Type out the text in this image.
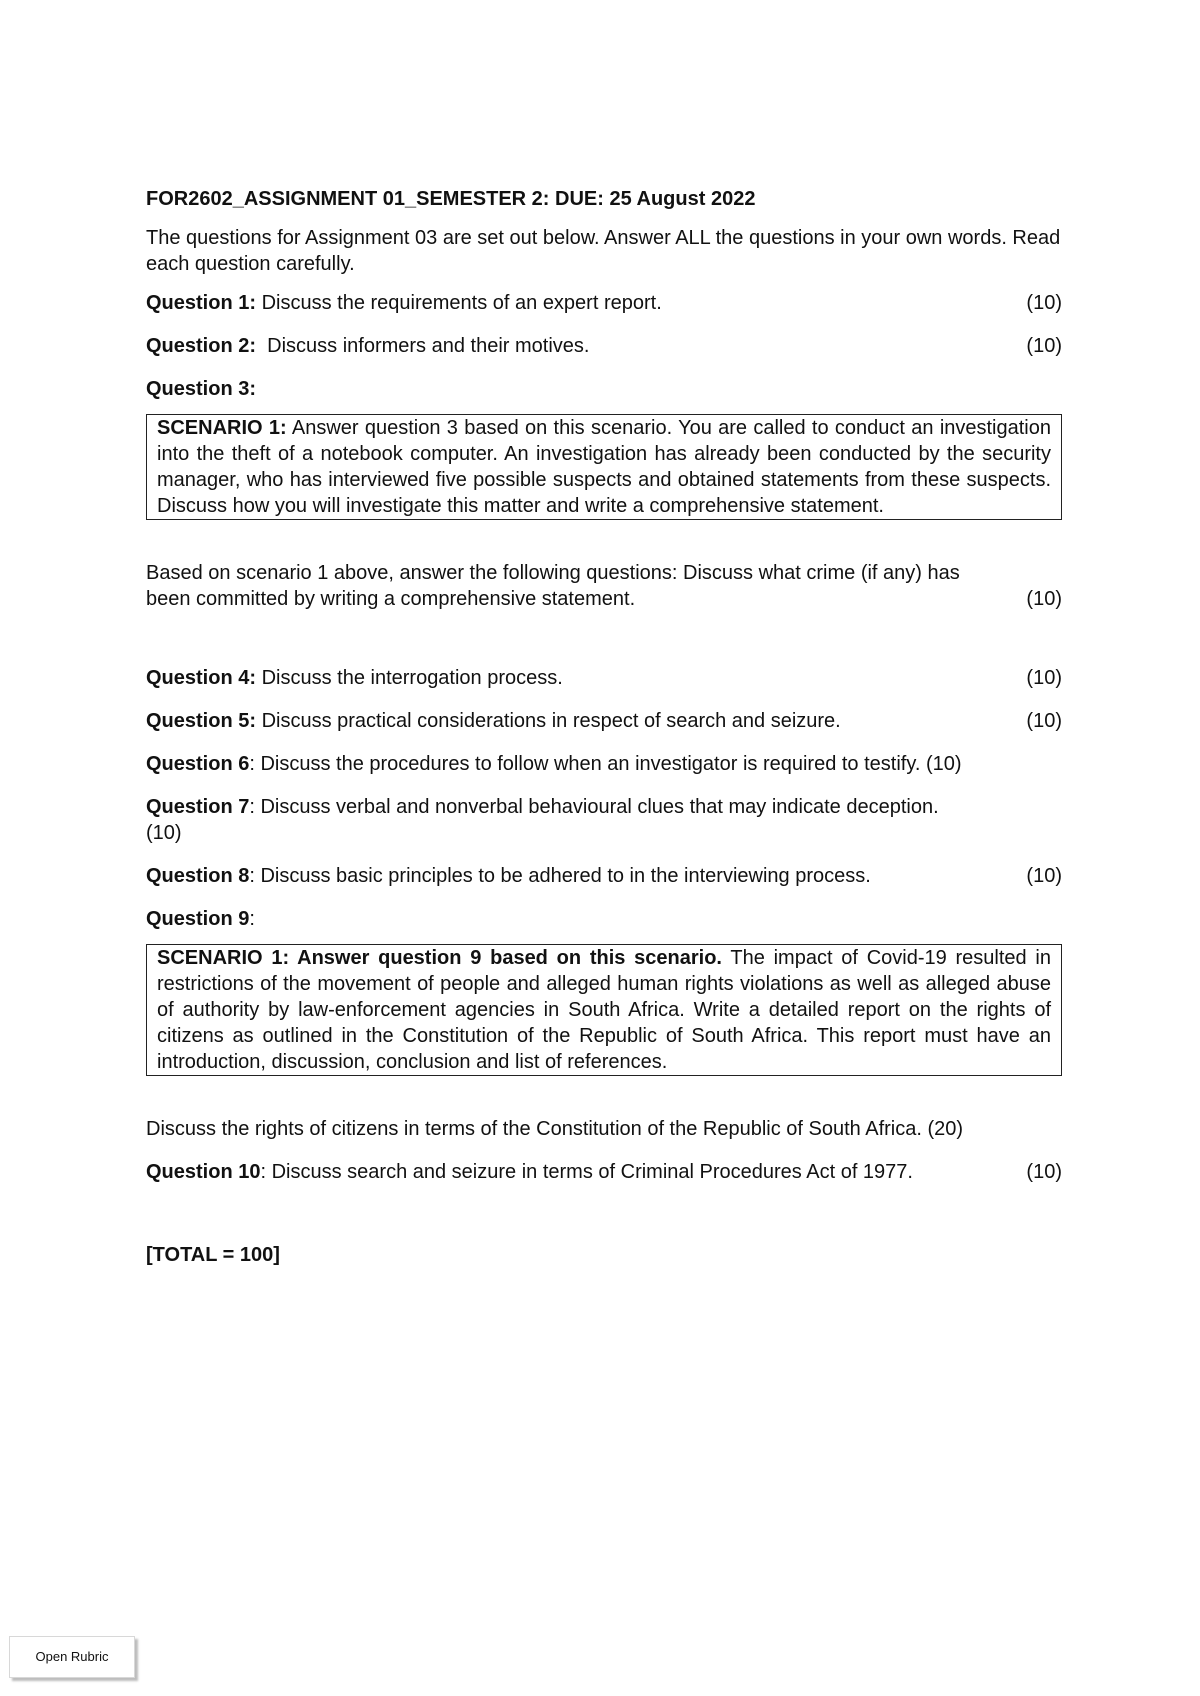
FOR2602_ASSIGNMENT 01_SEMESTER 2: DUE: 25 August 2022
The questions for Assignment 03 are set out below. Answer ALL the questions in your own words. Read each question carefully.
Question 1: Discuss the requirements of an expert report.	(10)
Question 2:  Discuss informers and their motives.	(10)
Question 3:
SCENARIO 1: Answer question 3 based on this scenario. You are called to conduct an investigation into the theft of a notebook computer. An investigation has already been conducted by the security manager, who has interviewed five possible suspects and obtained statements from these suspects. Discuss how you will investigate this matter and write a comprehensive statement.
Based on scenario 1 above, answer the following questions: Discuss what crime (if any) has
been committed by writing a comprehensive statement.	(10)
Question 4: Discuss the interrogation process.	(10)
Question 5: Discuss practical considerations in respect of search and seizure.	(10)
Question 6: Discuss the procedures to follow when an investigator is required to testify. (10)
Question 7: Discuss verbal and nonverbal behavioural clues that may indicate deception.
(10)
Question 8: Discuss basic principles to be adhered to in the interviewing process.	(10)
Question 9:
SCENARIO 1: Answer question 9 based on this scenario. The impact of Covid-19 resulted in restrictions of the movement of people and alleged human rights violations as well as alleged abuse of authority by law-enforcement agencies in South Africa. Write a detailed report on the rights of citizens as outlined in the Constitution of the Republic of South Africa. This report must have an introduction, discussion, conclusion and list of references.
Discuss the rights of citizens in terms of the Constitution of the Republic of South Africa. (20)
Question 10: Discuss search and seizure in terms of Criminal Procedures Act of 1977.	(10)
[TOTAL = 100]
Open Rubric
